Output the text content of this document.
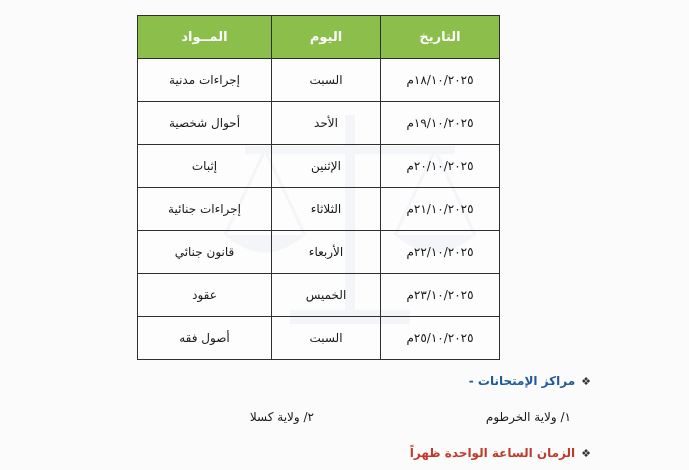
التاريخ	اليوم	المــواد
١٨/١٠/٢٠٢٥م	السبت	إجراءات مدنية
١٩/١٠/٢٠٢٥م	الأحد	أحوال شخصية
٢٠/١٠/٢٠٢٥م	الإثنين	إثبات
٢١/١٠/٢٠٢٥م	الثلاثاء	إجراءات جنائية
٢٢/١٠/٢٠٢٥م	الأربعاء	قانون جنائي
٢٣/١٠/٢٠٢٥م	الخميس	عقود
٢٥/١٠/٢٠٢٥م	السبت	أصول فقه
❖مراكز الإمتحانات -
١/ ولاية الخرطوم
٢/ ولاية كسلا
❖الزمان الساعة الواحدة ظهراً
